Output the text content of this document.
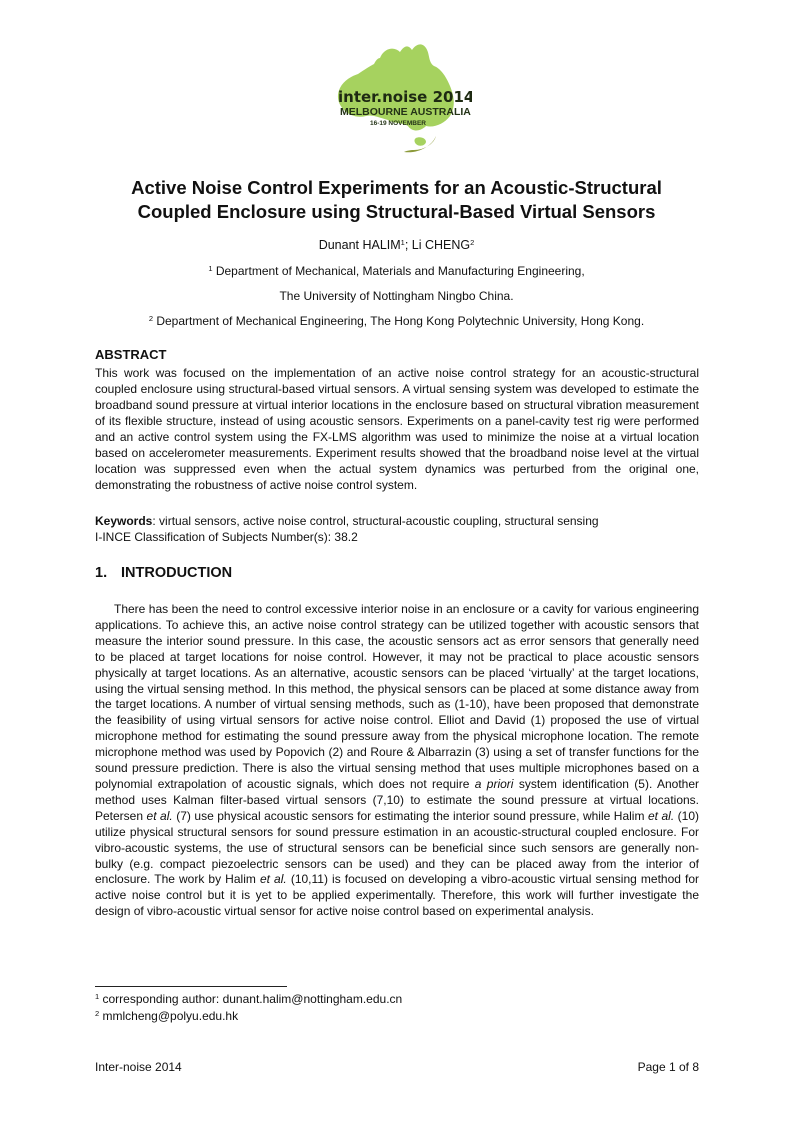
inter.noise 2014
MELBOURNE AUSTRALIA
16-19 NOVEMBER
Active Noise Control Experiments for an Acoustic-Structural
Coupled Enclosure using Structural-Based Virtual Sensors
Dunant HALIM$^1$; Li CHENG$^2$
$^1$ Department of Mechanical, Materials and Manufacturing Engineering,
The University of Nottingham Ningbo China.
$^2$ Department of Mechanical Engineering, The Hong Kong Polytechnic University, Hong Kong.
ABSTRACT
This work was focused on the implementation of an active noise control strategy for an acoustic-structural coupled enclosure using structural-based virtual sensors. A virtual sensing system was developed to estimate the broadband sound pressure at virtual interior locations in the enclosure based on structural vibration measurement of its flexible structure, instead of using acoustic sensors. Experiments on a panel-cavity test rig were performed and an active control system using the FX-LMS algorithm was used to minimize the noise at a virtual location based on accelerometer measurements. Experiment results showed that the broadband noise level at the virtual location was suppressed even when the actual system dynamics was perturbed from the original one, demonstrating the robustness of active noise control system.
Keywords: virtual sensors, active noise control, structural-acoustic coupling, structural sensing
I-INCE Classification of Subjects Number(s): 38.2
1. INTRODUCTION
There has been the need to control excessive interior noise in an enclosure or a cavity for various engineering applications. To achieve this, an active noise control strategy can be utilized together with acoustic sensors that measure the interior sound pressure. In this case, the acoustic sensors act as error sensors that generally need to be placed at target locations for noise control. However, it may not be practical to place acoustic sensors physically at target locations. As an alternative, acoustic sensors can be placed ‘virtually’ at the target locations, using the virtual sensing method. In this method, the physical sensors can be placed at some distance away from the target locations. A number of virtual sensing methods, such as (1-10), have been proposed that demonstrate the feasibility of using virtual sensors for active noise control. Elliot and David (1) proposed the use of virtual microphone method for estimating the sound pressure away from the physical microphone location. The remote microphone method was used by Popovich (2) and Roure & Albarrazin (3) using a set of transfer functions for the sound pressure prediction. There is also the virtual sensing method that uses multiple microphones based on a polynomial extrapolation of acoustic signals, which does not require a priori system identification (5). Another method uses Kalman filter-based virtual sensors (7,10) to estimate the sound pressure at virtual locations. Petersen et al. (7) use physical acoustic sensors for estimating the interior sound pressure, while Halim et al. (10) utilize physical structural sensors for sound pressure estimation in an acoustic-structural coupled enclosure. For vibro-acoustic systems, the use of structural sensors can be beneficial since such sensors are generally non-bulky (e.g. compact piezoelectric sensors can be used) and they can be placed away from the interior of enclosure. The work by Halim et al. (10,11) is focused on developing a vibro-acoustic virtual sensing method for active noise control but it is yet to be applied experimentally. Therefore, this work will further investigate the design of vibro-acoustic virtual sensor for active noise control based on experimental analysis.
$^1$ corresponding author: dunant.halim@nottingham.edu.cn
$^2$ mmlcheng@polyu.edu.hk
Inter-noise 2014	Page 1 of 8
